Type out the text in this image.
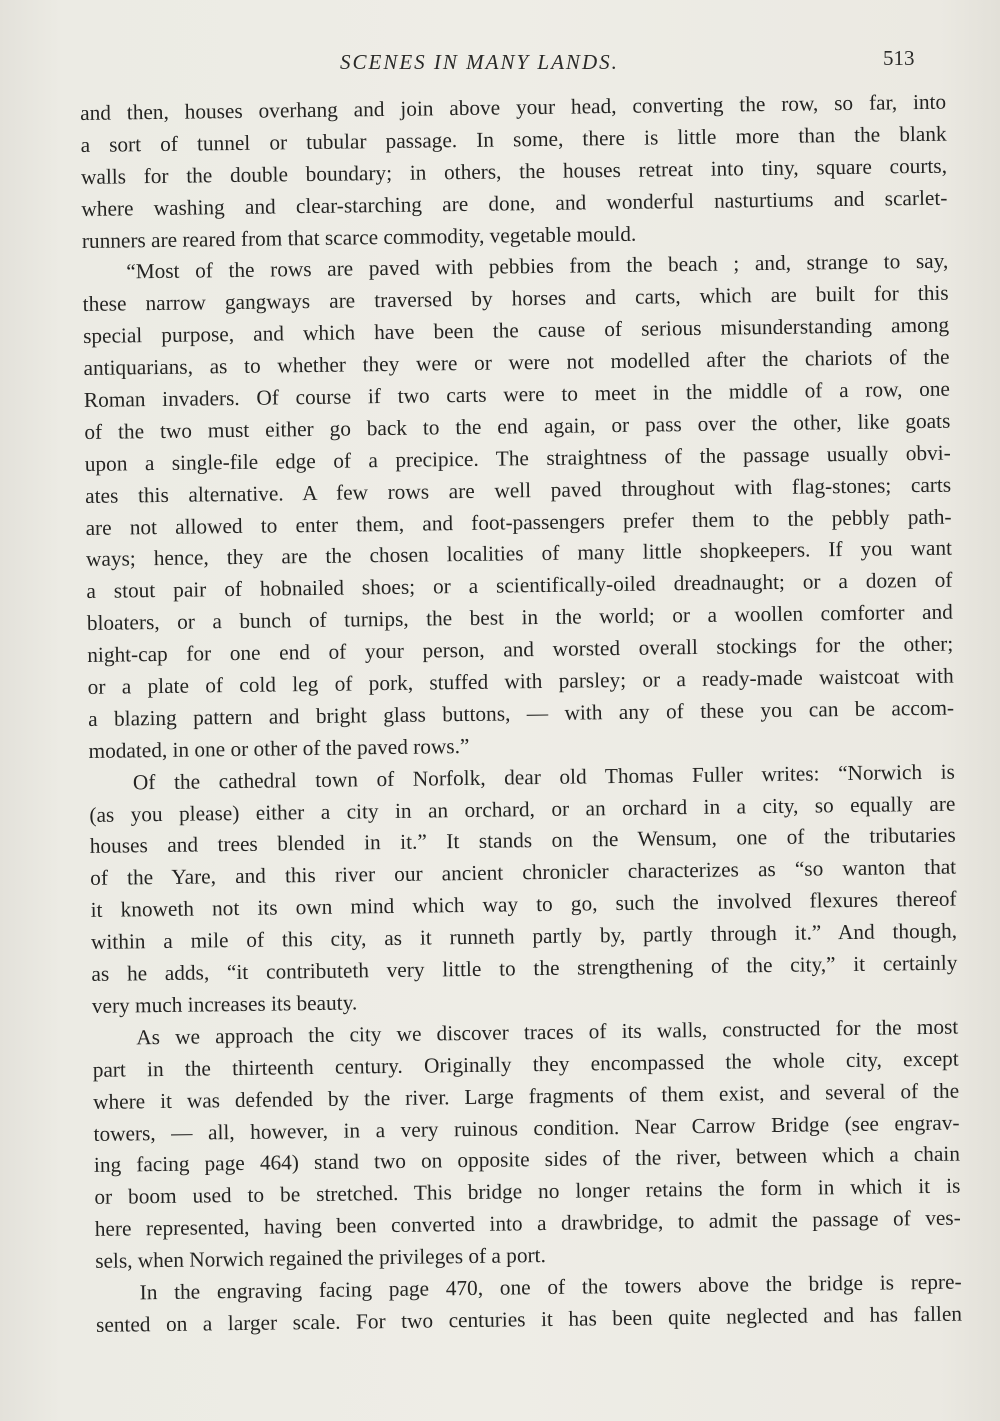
SCENES IN MANY LANDS.	513
and then, houses overhang and join above your head, converting the row, so far, into
a sort of tunnel or tubular passage. In some, there is little more than the blank
walls for the double boundary; in others, the houses retreat into tiny, square courts,
where washing and clear-starching are done, and wonderful nasturtiums and scarlet-
runners are reared from that scarce commodity, vegetable mould.
“Most of the rows are paved with pebbies from the beach ; and, strange to say,
these narrow gangways are traversed by horses and carts, which are built for this
special purpose, and which have been the cause of serious misunderstanding among
antiquarians, as to whether they were or were not modelled after the chariots of the
Roman invaders. Of course if two carts were to meet in the middle of a row, one
of the two must either go back to the end again, or pass over the other, like goats
upon a single-file edge of a precipice. The straightness of the passage usually obvi-
ates this alternative. A few rows are well paved throughout with flag-stones; carts
are not allowed to enter them, and foot-passengers prefer them to the pebbly path-
ways; hence, they are the chosen localities of many little shopkeepers. If you want
a stout pair of hobnailed shoes; or a scientifically-oiled dreadnaught; or a dozen of
bloaters, or a bunch of turnips, the best in the world; or a woollen comforter and
night-cap for one end of your person, and worsted overall stockings for the other;
or a plate of cold leg of pork, stuffed with parsley; or a ready-made waistcoat with
a blazing pattern and bright glass buttons, — with any of these you can be accom-
modated, in one or other of the paved rows.”
Of the cathedral town of Norfolk, dear old Thomas Fuller writes: “Norwich is
(as you please) either a city in an orchard, or an orchard in a city, so equally are
houses and trees blended in it.” It stands on the Wensum, one of the tributaries
of the Yare, and this river our ancient chronicler characterizes as “so wanton that
it knoweth not its own mind which way to go, such the involved flexures thereof
within a mile of this city, as it runneth partly by, partly through it.” And though,
as he adds, “it contributeth very little to the strengthening of the city,” it certainly
very much increases its beauty.
As we approach the city we discover traces of its walls, constructed for the most
part in the thirteenth century. Originally they encompassed the whole city, except
where it was defended by the river. Large fragments of them exist, and several of the
towers, — all, however, in a very ruinous condition. Near Carrow Bridge (see engrav-
ing facing page 464) stand two on opposite sides of the river, between which a chain
or boom used to be stretched. This bridge no longer retains the form in which it is
here represented, having been converted into a drawbridge, to admit the passage of ves-
sels, when Norwich regained the privileges of a port.
In the engraving facing page 470, one of the towers above the bridge is repre-
sented on a larger scale. For two centuries it has been quite neglected and has fallen
